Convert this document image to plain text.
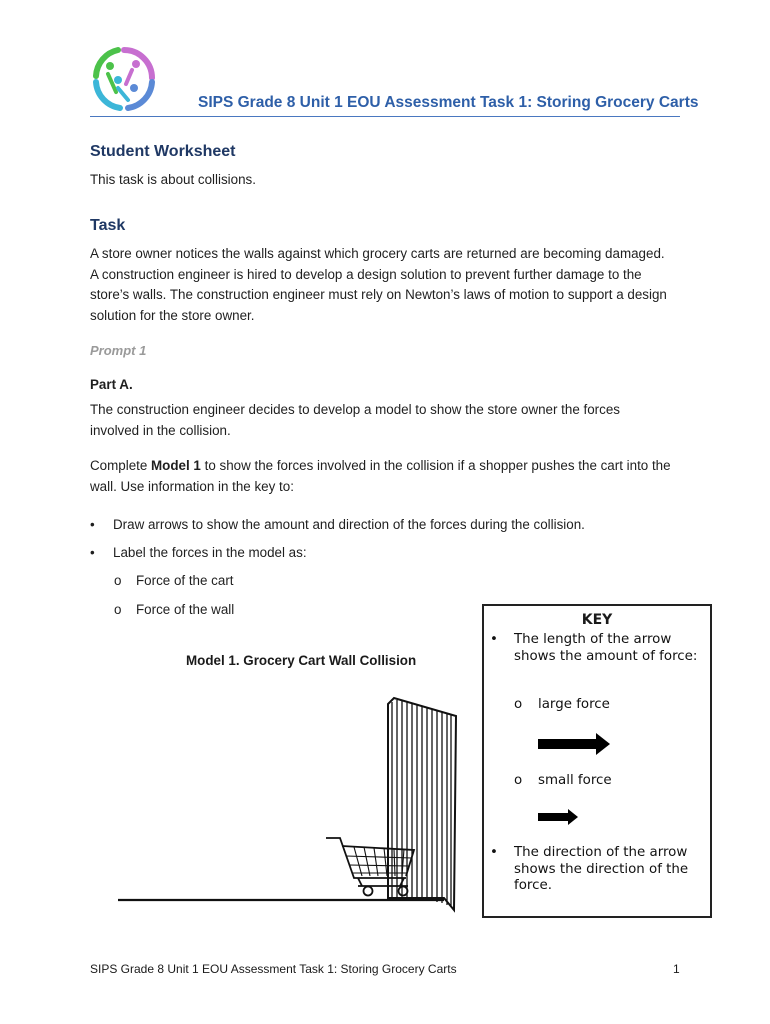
SIPS Grade 8 Unit 1 EOU Assessment Task 1: Storing Grocery Carts
Student Worksheet
This task is about collisions.
Task
A store owner notices the walls against which grocery carts are returned are becoming damaged. A construction engineer is hired to develop a design solution to prevent further damage to the store’s walls. The construction engineer must rely on Newton’s laws of motion to support a design solution for the store owner.
Prompt 1
Part A.
The construction engineer decides to develop a model to show the store owner the forces involved in the collision.
Complete Model 1 to show the forces involved in the collision if a shopper pushes the cart into the wall. Use information in the key to:
• Draw arrows to show the amount and direction of the forces during the collision.
• Label the forces in the model as:
o Force of the cart
o Force of the wall
Model 1. Grocery Cart Wall Collision
KEY
• The length of the arrow shows the amount of force:
o large force
o small force
• The direction of the arrow shows the direction of the force.
SIPS Grade 8 Unit 1 EOU Assessment Task 1: Storing Grocery Carts	1
